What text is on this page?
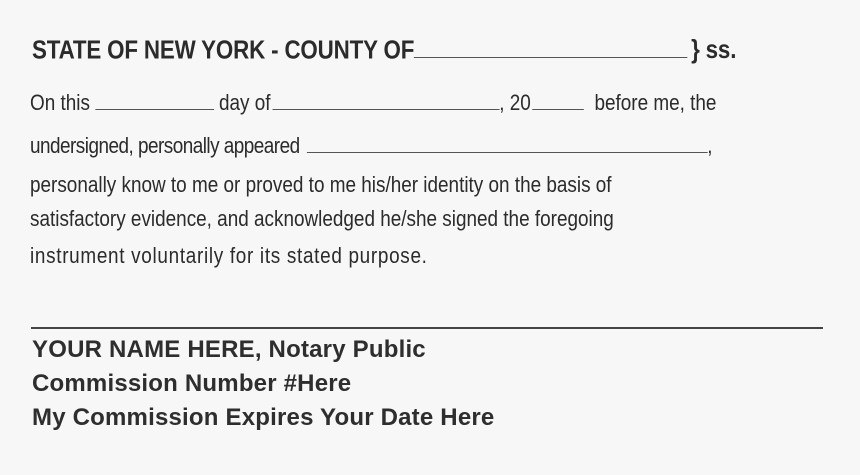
STATE OF NEW YORK - COUNTY OF	} ss.
On this	day of	, 20	before me, the
undersigned, personally appeared	,
personally know to me or proved to me his/her identity on the basis of
satisfactory evidence, and acknowledged he/she signed the foregoing
instrument voluntarily for its stated purpose.
YOUR NAME HERE, Notary Public
Commission Number #Here
My Commission Expires Your Date Here
